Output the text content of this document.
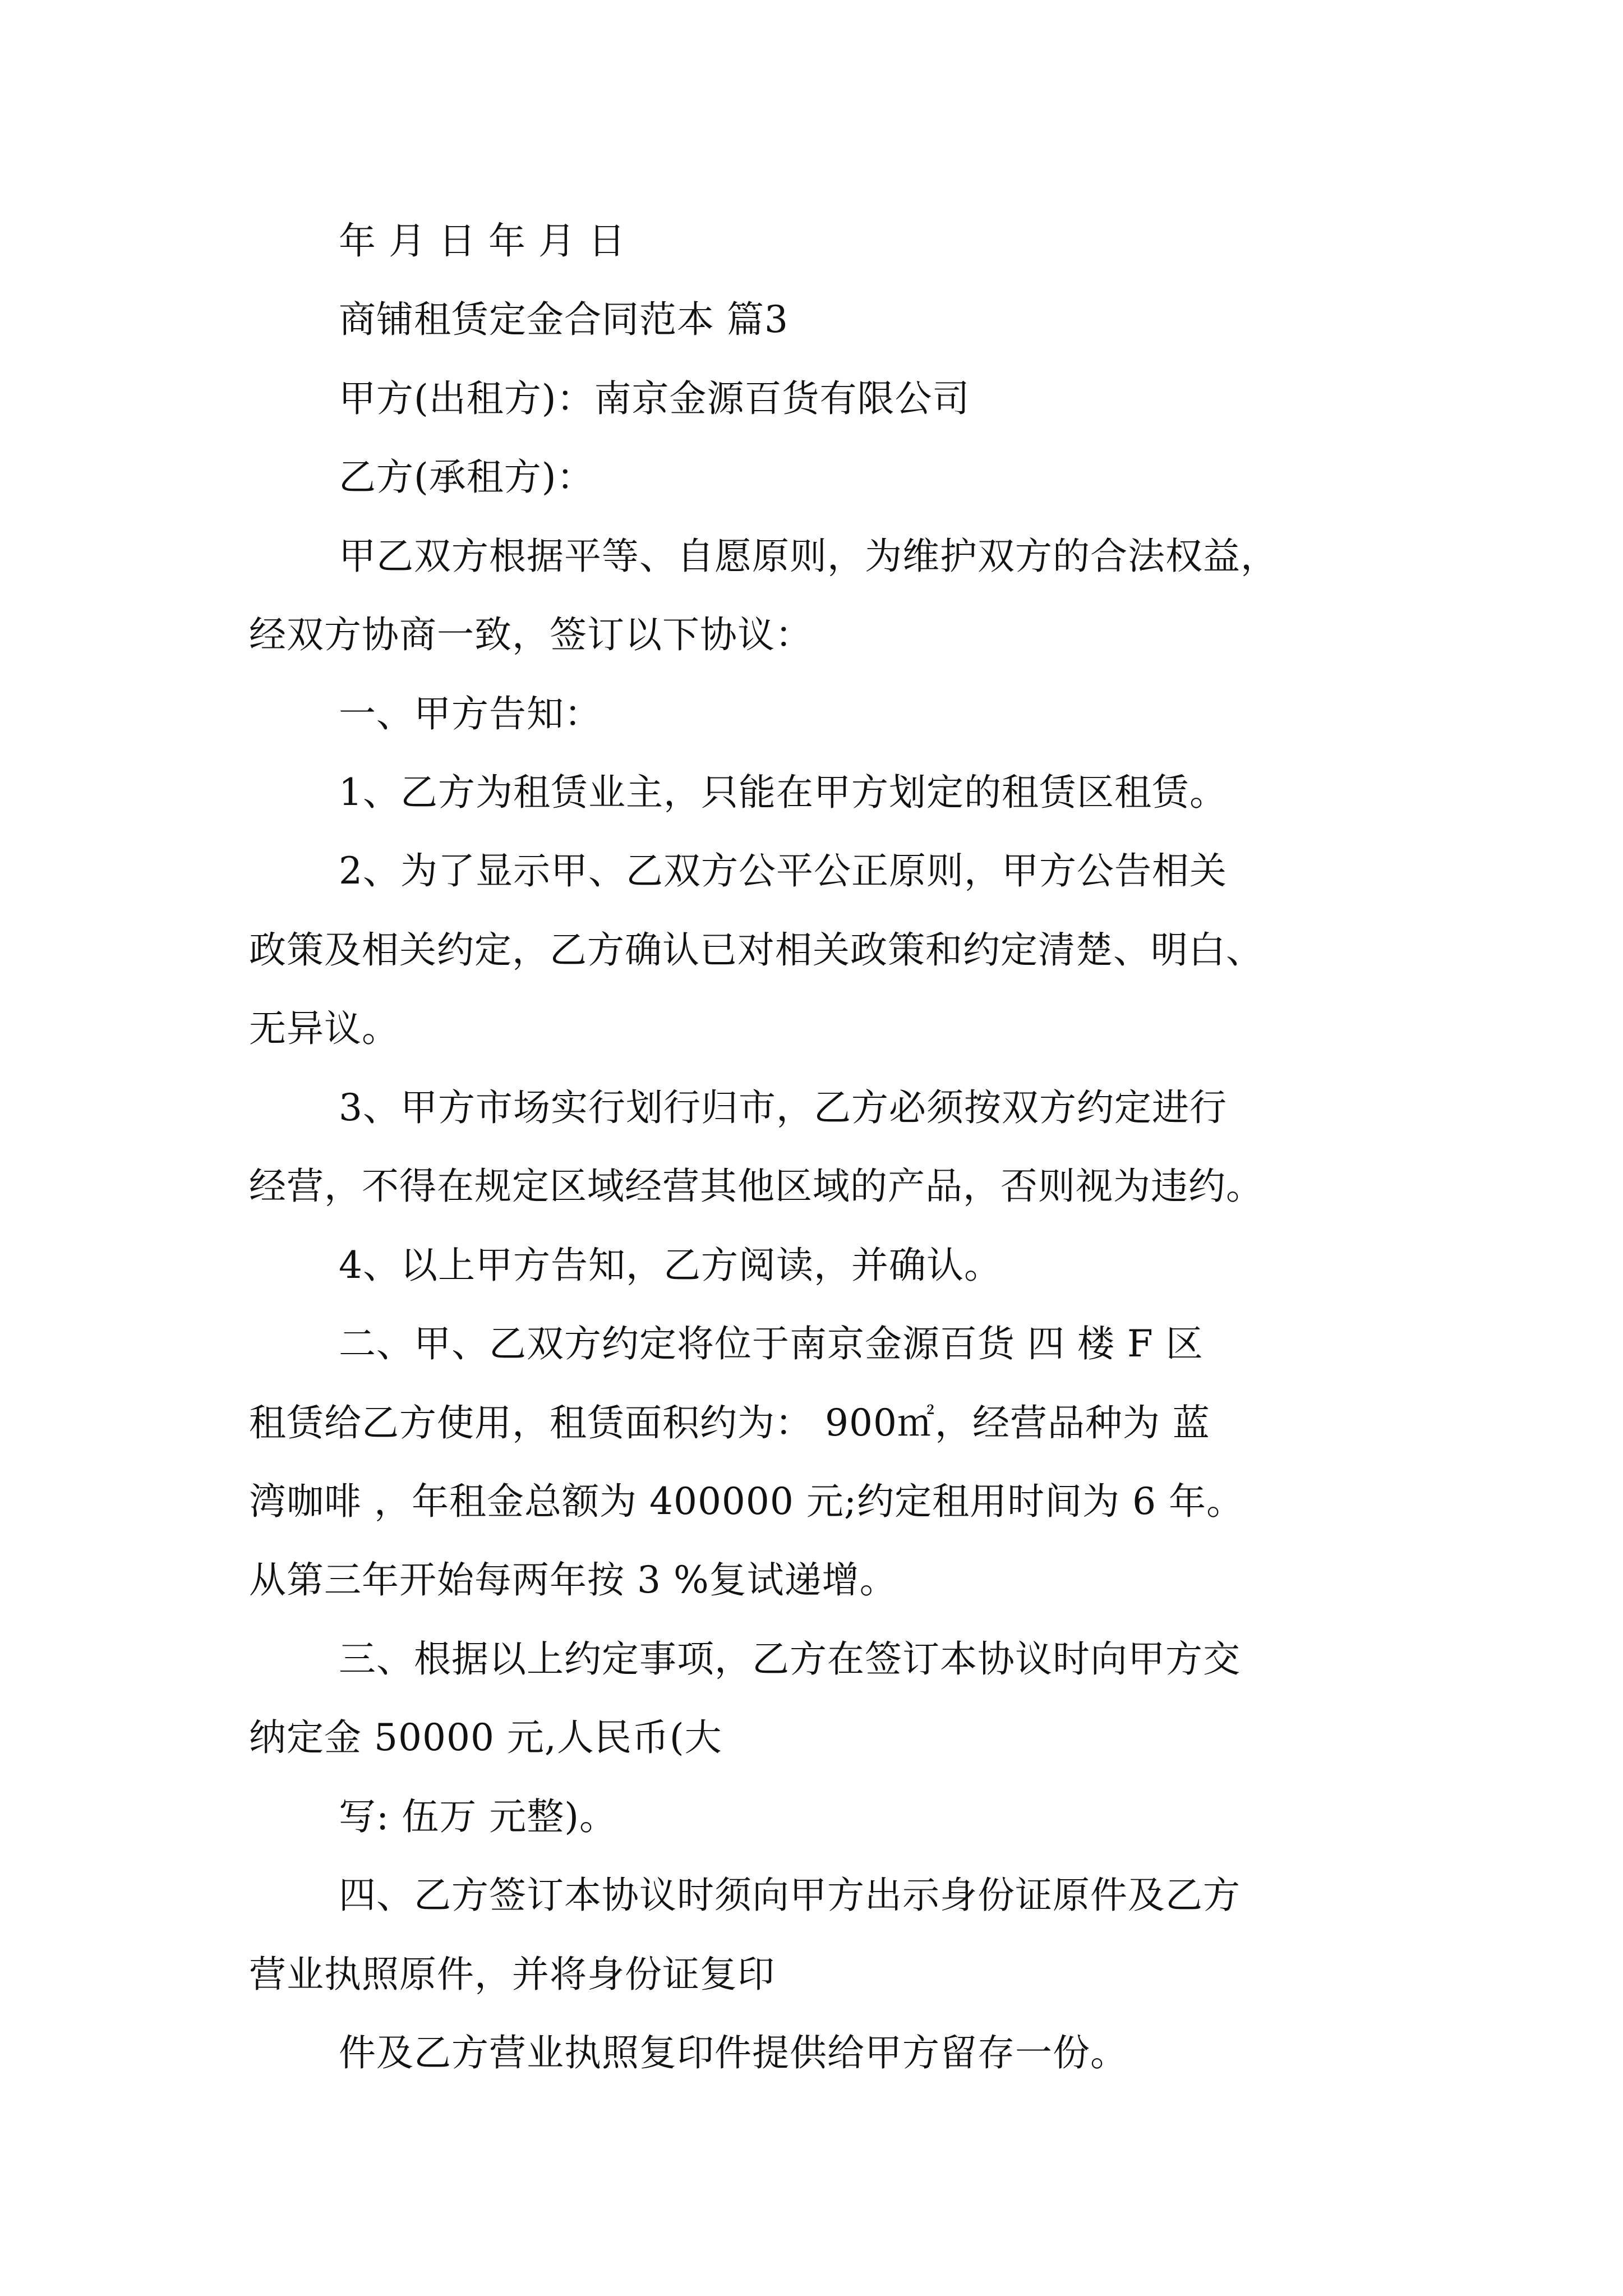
年 月 日 年 月 日
商铺租赁定金合同范本 篇3
甲方(出租方)：南京金源百货有限公司
乙方(承租方)：
甲乙双方根据平等、自愿原则，为维护双方的合法权益，
经双方协商一致，签订以下协议：
一、甲方告知：
1、乙方为租赁业主，只能在甲方划定的租赁区租赁。
2、为了显示甲、乙双方公平公正原则，甲方公告相关
政策及相关约定，乙方确认已对相关政策和约定清楚、明白、
无异议。
3、甲方市场实行划行归市，乙方必须按双方约定进行
经营，不得在规定区域经营其他区域的产品，否则视为违约。
4、以上甲方告知，乙方阅读，并确认。
二、甲、乙双方约定将位于南京金源百货 四 楼 F 区
租赁给乙方使用，租赁面积约为： 900㎡，经营品种为 蓝
湾咖啡 ，年租金总额为 400000 元;约定租用时间为 6 年。
从第三年开始每两年按 3 %复试递增。
三、根据以上约定事项，乙方在签订本协议时向甲方交
纳定金 50000 元,人民币(大
写: 伍万 元整)。
四、乙方签订本协议时须向甲方出示身份证原件及乙方
营业执照原件，并将身份证复印
件及乙方营业执照复印件提供给甲方留存一份。
